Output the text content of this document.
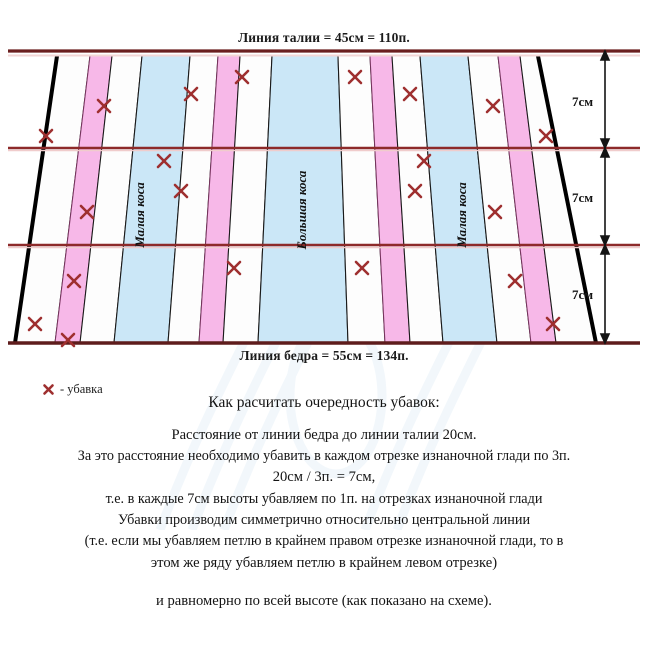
Малая коса	Большая коса	Малая коса
Линия талии = 45см = 110п.
Линия бедра = 55см = 134п.
7см
7см
7см
- убавка
Как расчитать очередность убавок:
Расстояние от линии бедра до линии талии 20см.
За это расстояние необходимо убавить в каждом отрезке изнаночной глади по 3п.
20см / 3п. = 7см,
т.е. в каждые 7см высоты убавляем по 1п. на отрезках изнаночной глади
Убавки производим симметрично относительно центральной линии
(т.е. если мы убавляем петлю в крайнем правом отрезке изнаночной глади, то в
этом же ряду убавляем петлю в крайнем левом отрезке)
и равномерно по всей высоте (как показано на схеме).
